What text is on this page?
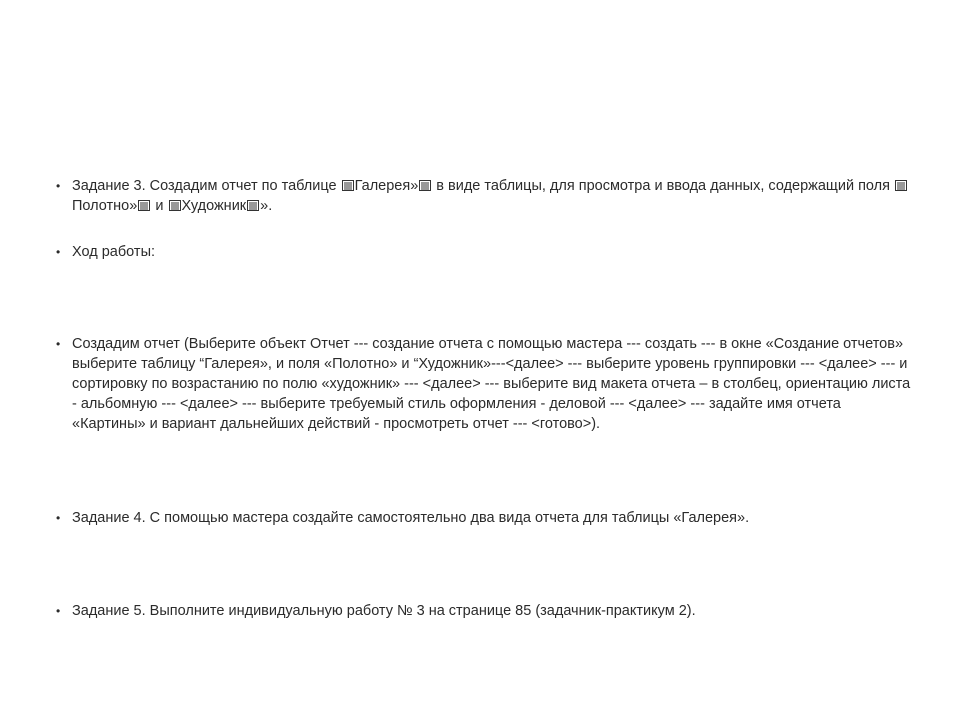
• Задание 3. Создадим отчет по таблице
Галерея»
в виде таблицы, для просмотра и ввода данных, содержащий поля
Полотно»
и
Художник ».
• Ход работы:
• Создадим отчет (Выберите объект Отчет --- создание отчета с помощью мастера --- создать --- в окне «Создание отчетов» выберите таблицу “Галерея», и поля «Полотно» и “Художник»---<далее> --- выберите уровень группировки --- <далее> --- и сортировку по возрастанию по полю «художник» --- <далее> --- выберите вид макета отчета – в столбец, ориентацию листа - альбомную --- <далее> --- выберите требуемый стиль оформления - деловой --- <далее> --- задайте имя отчета «Картины» и вариант дальнейших действий - просмотреть отчет --- <готово>).
• Задание 4. С помощью мастера создайте самостоятельно два вида отчета для таблицы «Галерея».
• Задание 5. Выполните индивидуальную работу № 3 на странице 85 (задачник-практикум 2).
